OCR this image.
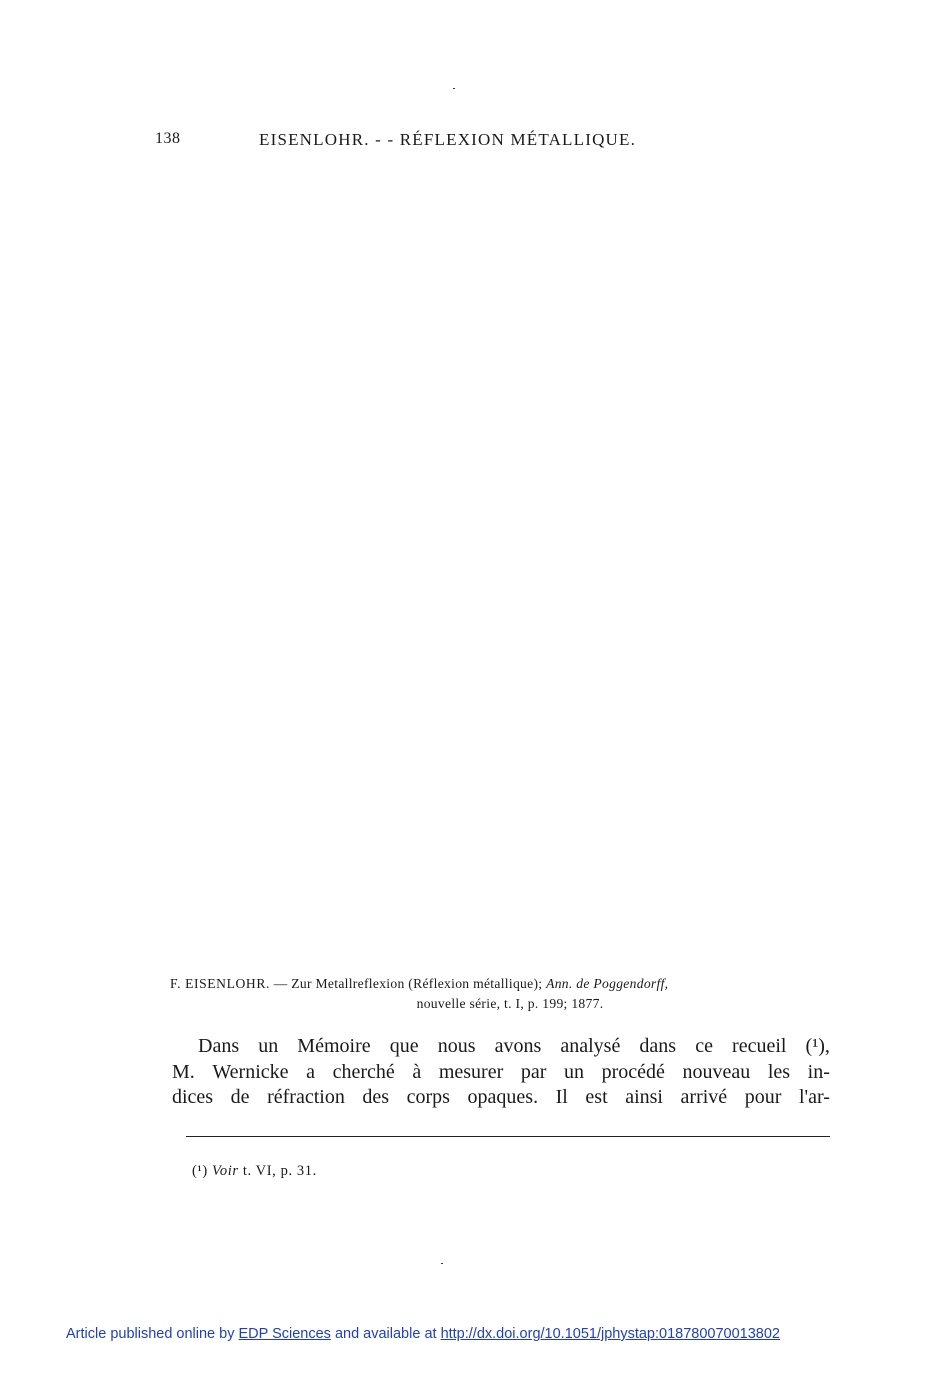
138	EISENLOHR. - - RÉFLEXION MÉTALLIQUE.
F. EISENLOHR. — Zur Metallreflexion (Réflexion métallique); Ann. de Poggendorff,
nouvelle série, t. I, p. 199; 1877.
Dans un Mémoire que nous avons analysé dans ce recueil (¹),
M. Wernicke a cherché à mesurer par un procédé nouveau les in-
dices de réfraction des corps opaques. Il est ainsi arrivé pour l'ar-
(¹) Voir t. VI, p. 31.
Article published online by EDP Sciences and available at http://dx.doi.org/10.1051/jphystap:018780070013802
